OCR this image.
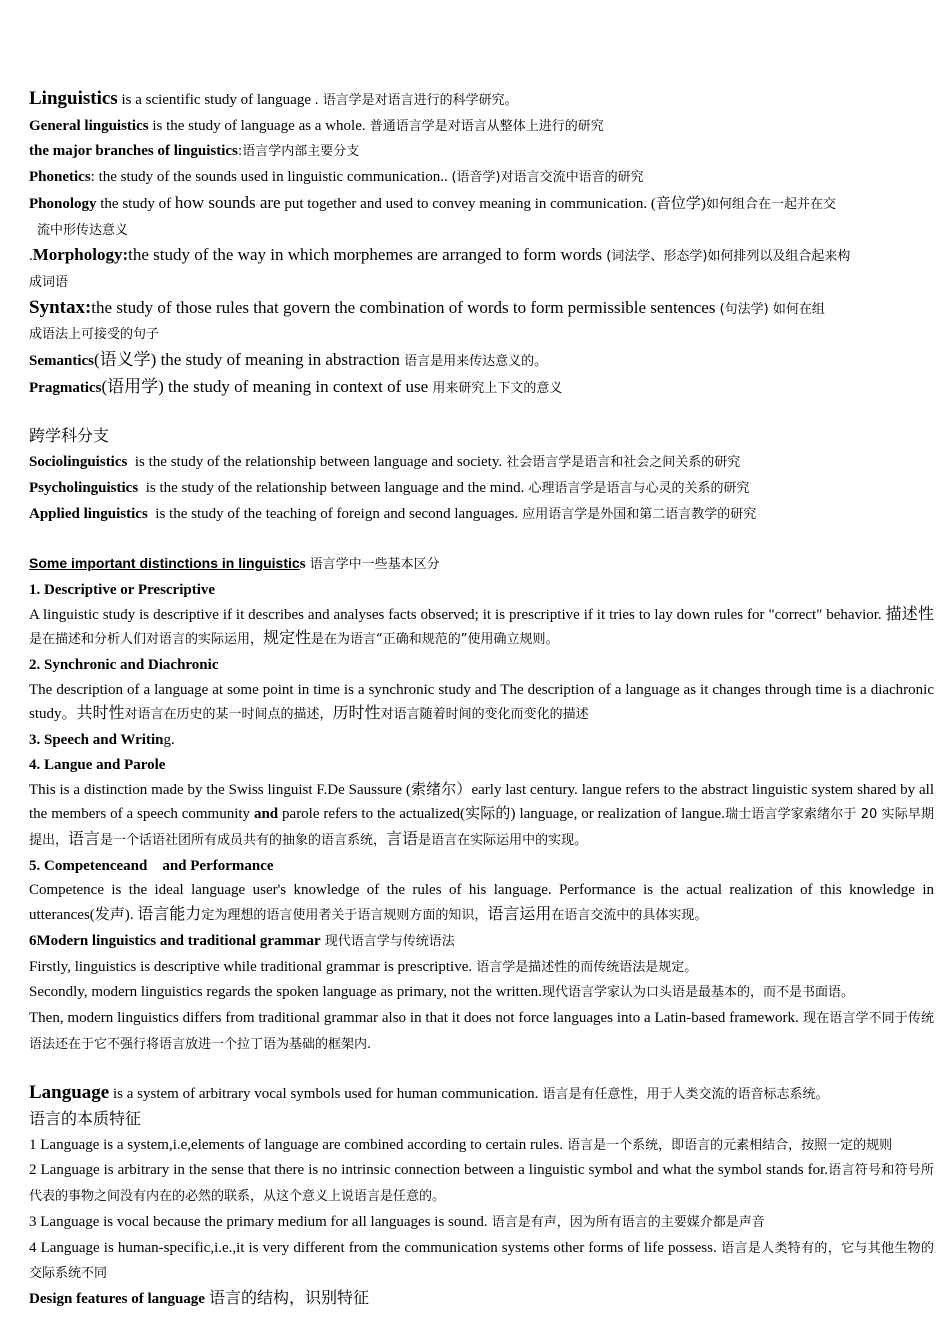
Linguistics is a scientific study of language . 语言学是对语言进行的科学研究。

General linguistics is the study of language as a whole. 普通语言学是对语言从整体上进行的研究

the major branches of linguistics:语言学内部主要分支

Phonetics: the study of the sounds used in linguistic communication.. (语音学)对语言交流中语音的研究

Phonology the study of how sounds are put together and used to convey meaning in communication. (音位学)如何组合在一起并在交

流中形传达意义

.Morphology:the study of the way in which morphemes are arranged to form words (词法学、形态学)如何排列以及组合起来构

成词语

Syntax:the study of those rules that govern the combination of words to form permissible sentences (句法学) 如何在组

成语法上可接受的句子

Semantics(语义学) the study of meaning in abstraction 语言是用来传达意义的。

Pragmatics(语用学) the study of meaning in context of use 用来研究上下文的意义

跨学科分支

Sociolinguistics  is the study of the relationship between language and society. 社会语言学是语言和社会之间关系的研究

Psycholinguistics  is the study of the relationship between language and the mind. 心理语言学是语言与心灵的关系的研究

Applied linguistics  is the study of the teaching of foreign and second languages. 应用语言学是外国和第二语言教学的研究

Some important distinctions in linguistics 语言学中一些基本区分

1. Descriptive or Prescriptive

A linguistic study is descriptive if it describes and analyses facts observed; it is prescriptive if it tries to lay down rules for "correct" behavior. 描述性是在描述和分析人们对语言的实际运用，规定性是在为语言“正确和规范的”使用确立规则。

2. Synchronic and Diachronic

The description of a language at some point in time is a synchronic study and The description of a language as it changes through time is a diachronic study。共时性对语言在历史的某一时间点的描述，历时性对语言随着时间的变化而变化的描述

3. Speech and Writing.

4. Langue and Parole

This is a distinction made by the Swiss linguist F.De Saussure (索绪尔）early last century. langue refers to the abstract linguistic system shared by all the members of a speech community and parole refers to the actualized(实际的) language, or realization of langue.瑞士语言学家索绪尔于 20 实际早期提出，语言是一个话语社团所有成员共有的抽象的语言系统，言语是语言在实际运用中的实现。

5. Competenceand    and Performance

Competence is the ideal language user's knowledge of the rules of his language. Performance is the actual realization of this knowledge in utterances(发声). 语言能力定为理想的语言使用者关于语言规则方面的知识，语言运用在语言交流中的具体实现。

6Modern linguistics and traditional grammar 现代语言学与传统语法

Firstly, linguistics is descriptive while traditional grammar is prescriptive. 语言学是描述性的而传统语法是规定。

Secondly, modern linguistics regards the spoken language as primary, not the written.现代语言学家认为口头语是最基本的，而不是书面语。

Then, modern linguistics differs from traditional grammar also in that it does not force languages into a Latin-based framework. 现在语言学不同于传统语法还在于它不强行将语言放进一个拉丁语为基础的框架内.

Language is a system of arbitrary vocal symbols used for human communication. 语言是有任意性，用于人类交流的语音标志系统。

语言的本质特征

1 Language is a system,i.e,elements of language are combined according to certain rules. 语言是一个系统，即语言的元素相结合，按照一定的规则

2 Language is arbitrary in the sense that there is no intrinsic connection between a linguistic symbol and what the symbol stands for.语言符号和符号所代表的事物之间没有内在的必然的联系，从这个意义上说语言是任意的。

3 Language is vocal because the primary medium for all languages is sound. 语言是有声，因为所有语言的主要媒介都是声音

4 Language is human-specific,i.e.,it is very different from the communication systems other forms of life possess. 语言是人类特有的，它与其他生物的交际系统不同

Design features of language 语言的结构，识别特征
